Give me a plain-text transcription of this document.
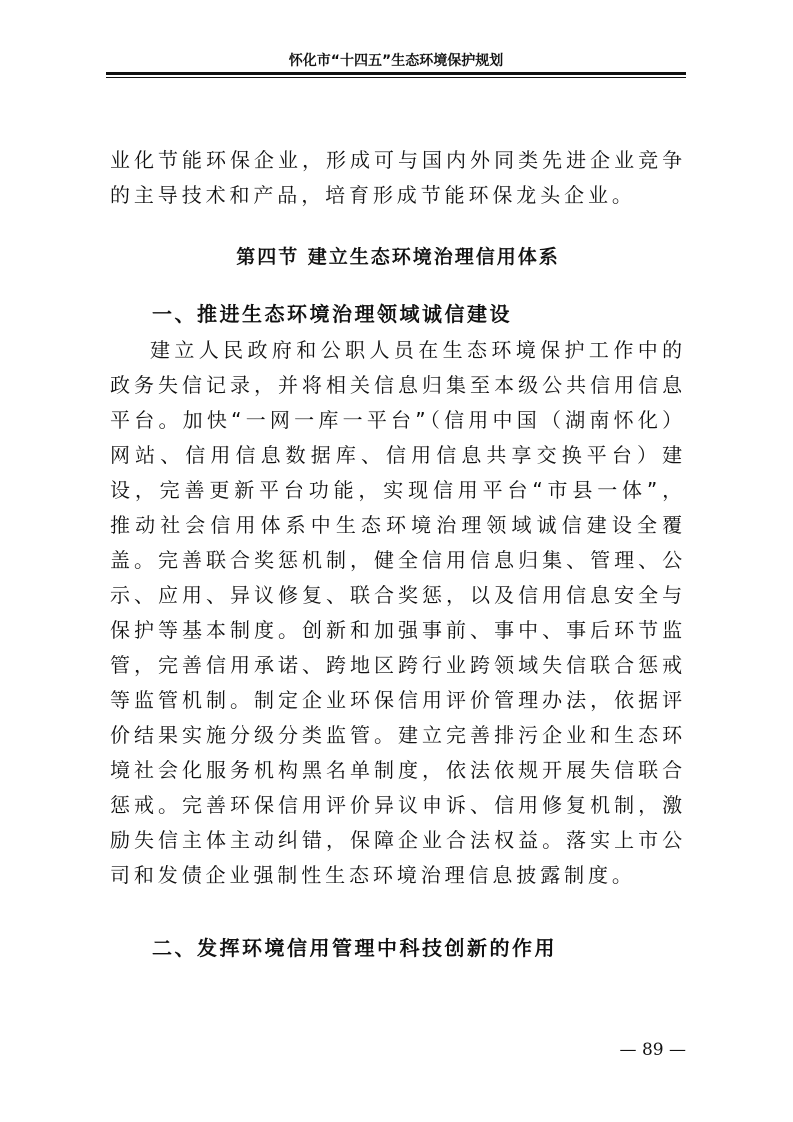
怀化市“十四五”生态环境保护规划

业化节能环保企业，形成可与国内外同类先进企业竞争的主导技术和产品，培育形成节能环保龙头企业。

第四节 建立生态环境治理信用体系
一、推进生态环境治理领域诚信建设

建立人民政府和公职人员在生态环境保护工作中的政务失信记录，并将相关信息归集至本级公共信用信息平台。加快“一网一库一平台”（信用中国（湖南怀化）网站、信用信息数据库、信用信息共享交换平台）建设，完善更新平台功能，实现信用平台“市县一体”，推动社会信用体系中生态环境治理领域诚信建设全覆盖。完善联合奖惩机制，健全信用信息归集、管理、公示、应用、异议修复、联合奖惩，以及信用信息安全与保护等基本制度。创新和加强事前、事中、事后环节监管，完善信用承诺、跨地区跨行业跨领域失信联合惩戒等监管机制。制定企业环保信用评价管理办法，依据评价结果实施分级分类监管。建立完善排污企业和生态环境社会化服务机构黑名单制度，依法依规开展失信联合惩戒。完善环保信用评价异议申诉、信用修复机制，激励失信主体主动纠错，保障企业合法权益。落实上市公司和发债企业强制性生态环境治理信息披露制度。

二、发挥环境信用管理中科技创新的作用
— 89 —
